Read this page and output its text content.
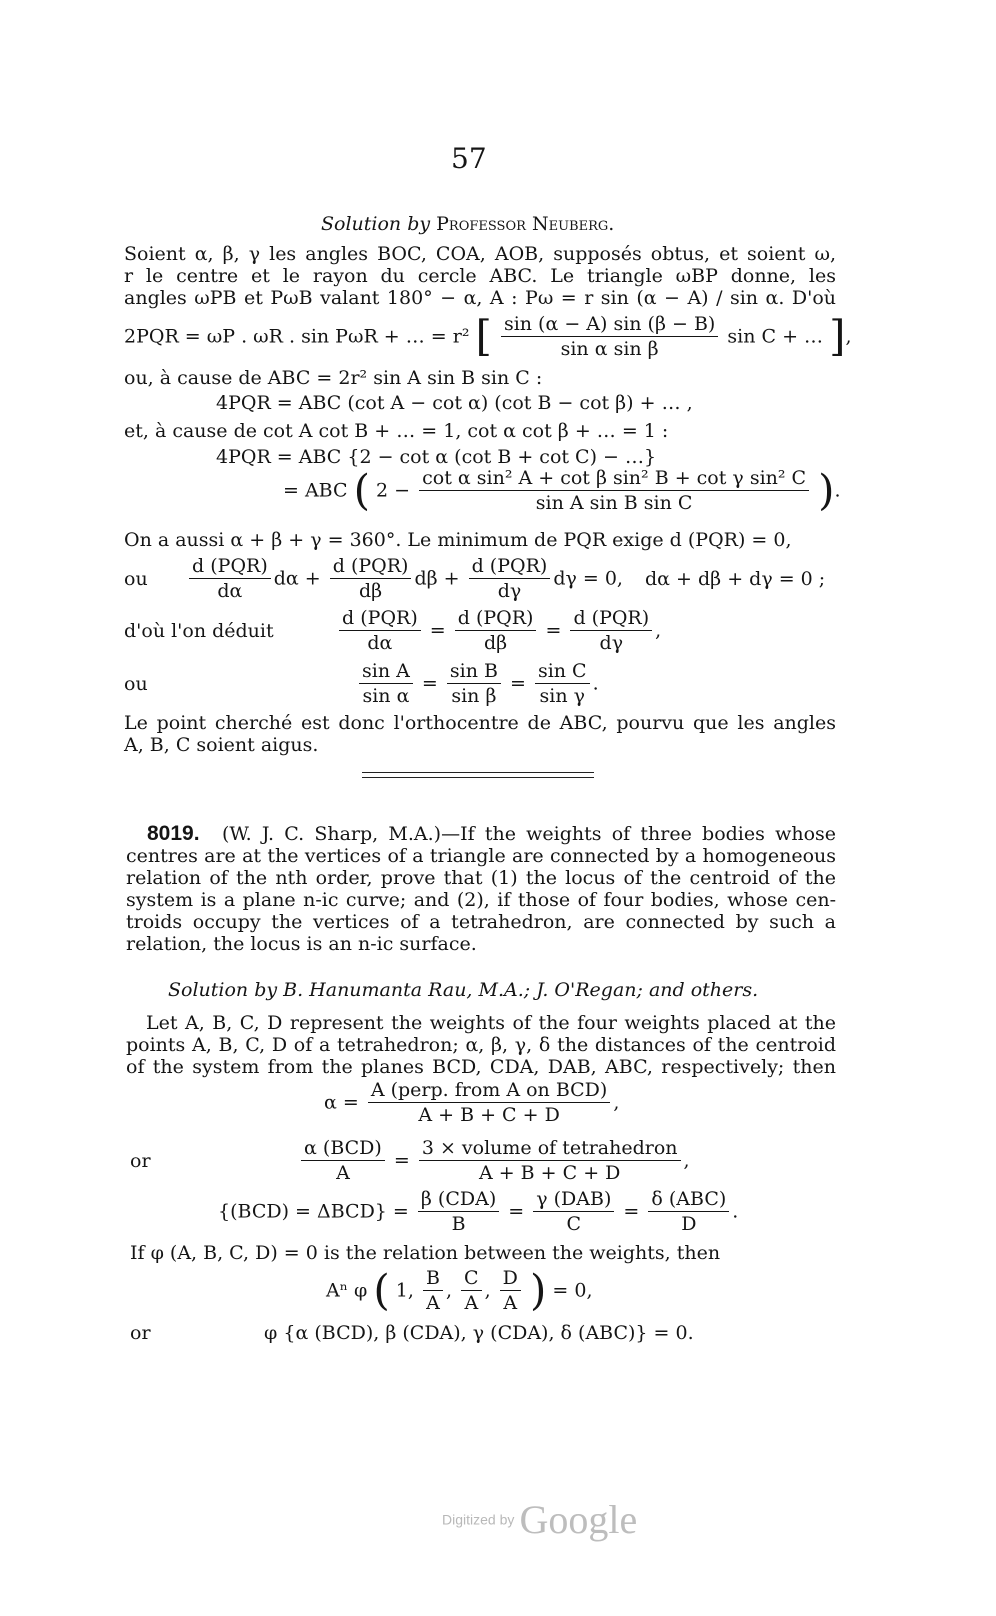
57
Solution by Professor Neuberg.
Soient α, β, γ les angles BOC, COA, AOB, supposés obtus, et soient ω,
r le centre et le rayon du cercle ABC. Le triangle ωBP donne, les
angles ωPB et PωB valant 180° − α, A : Pω = r sin (α − A) / sin α. D'où
2PQR = ωP . ωR . sin PωR + … = r² [ $\frac{\sin (\alpha - A) \sin (\beta - B)}{\text{sin α sin β}}$ sin C + … ],
ou, à cause de ABC = 2r² sin A sin B sin C :
4PQR = ABC (cot A − cot α) (cot B − cot β) + … ,
et, à cause de cot A cot B + … = 1, cot α cot β + … = 1 :
4PQR = ABC {2 − cot α (cot B + cot C) − …}
= ABC ( $2 - \frac{\text{cot α sin² A + cot β sin² B + cot γ sin² C}}{\text{sin A sin B sin C}}$ ).
On a aussi α + β + γ = 360°. Le minimum de PQR exige d (PQR) = 0,
ou $\frac{\text{d (PQR)}}{d\alpha}$ $d\alpha + \frac{\text{d (PQR)}}{d\beta}$ $d\beta + \frac{\text{d (PQR)}}{d\gamma}$ dγ = 0, dα + dβ + dγ = 0 ;
d'où l'on déduit	$\frac{\text{d (PQR)}}{d\alpha} = \frac{\text{d (PQR)}}{d\beta} = \frac{\text{d (PQR)}}{d\gamma}$ ,
ou	$\frac{\text{sin A}}{\text{sin α}} = \frac{\text{sin B}}{\text{sin β}} = \frac{\text{sin C}}{\text{sin γ}}$ .
Le point cherché est donc l'orthocentre de ABC, pourvu que les angles
A, B, C soient aigus.
8019. (W. J. C. Sharp, M.A.)—If the weights of three bodies whose
centres are at the vertices of a triangle are connected by a homogeneous
relation of the nth order, prove that (1) the locus of the centroid of the
system is a plane n-ic curve; and (2), if those of four bodies, whose cen-
troids occupy the vertices of a tetrahedron, are connected by such a
relation, the locus is an n-ic surface.
Solution by B. Hanumanta Rau, M.A.; J. O'Regan; and others.
Let A, B, C, D represent the weights of the four weights placed at the
points A, B, C, D of a tetrahedron; α, β, γ, δ the distances of the centroid
of the system from the planes BCD, CDA, DAB, ABC, respectively; then
$\alpha = \frac{\text{A (perp. from A on BCD)}}{A + B + C + D}$ ,
or	$\frac{\text{α (BCD)}}{A} = \frac{\text{3 × volume of tetrahedron}}{A + B + C + D}$ ,
$\{(BCD) = \Delta BCD\} = \frac{\text{β (CDA)}}{B} = \frac{\text{γ (DAB)}}{C} = \frac{\text{δ (ABC)}}{D}$ .
If φ (A, B, C, D) = 0 is the relation between the weights, then
Aⁿ φ ( 1, $\frac{B}{A}$ , $\frac{C}{A}$ , $\frac{D}{A}$ ) = 0,
or	φ {α (BCD), β (CDA), γ (CDA), δ (ABC)} = 0.
Digitized by Google
